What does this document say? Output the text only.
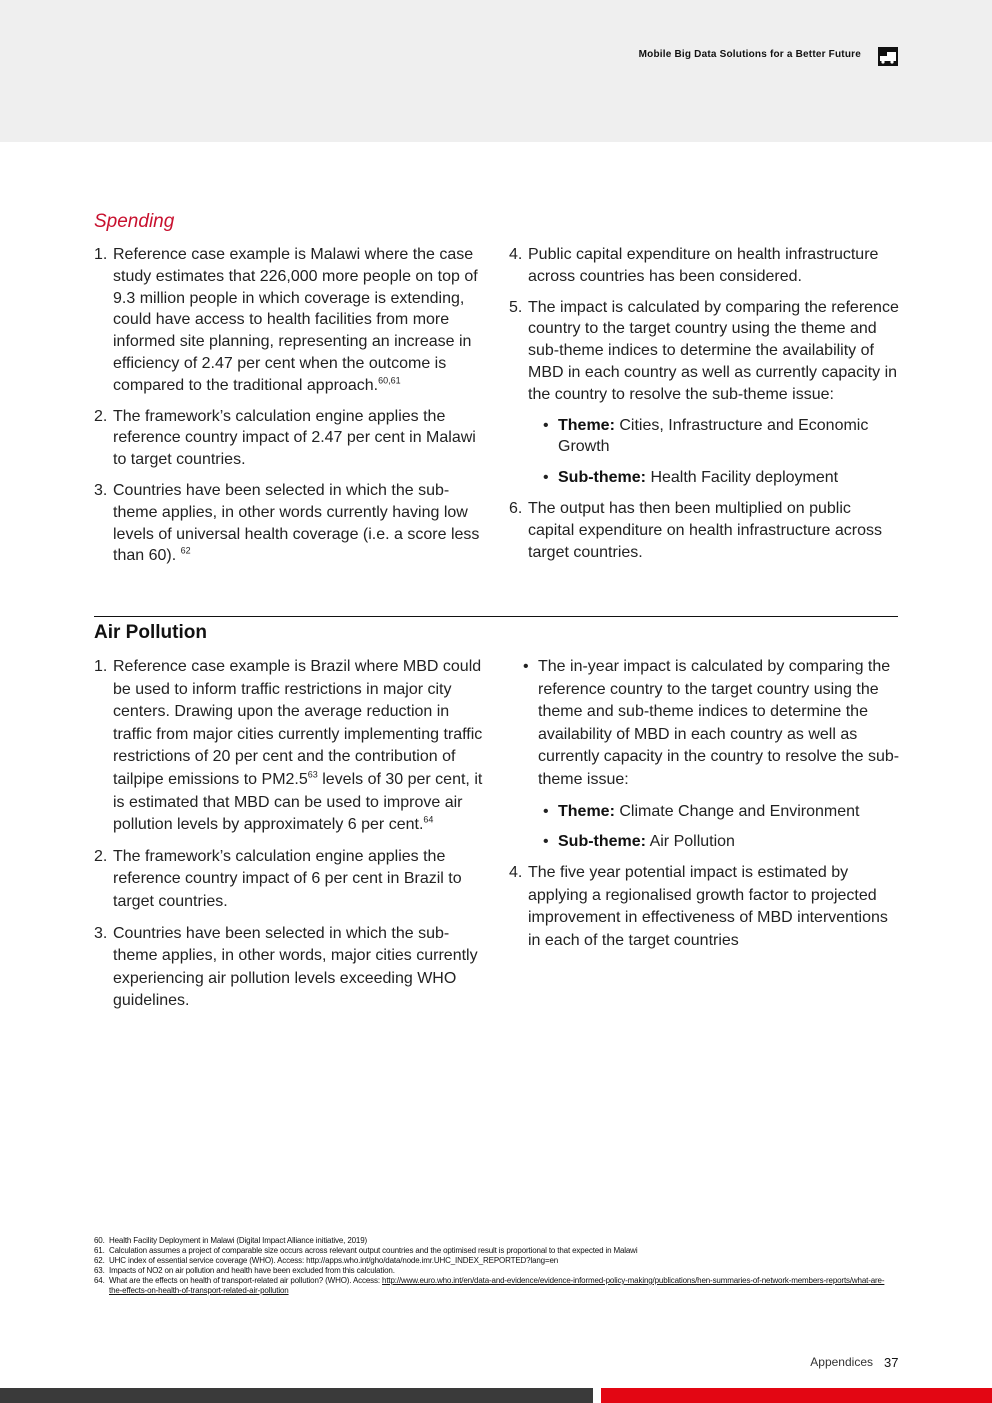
Mobile Big Data Solutions for a Better Future
Spending
1. Reference case example is Malawi where the case study estimates that 226,000 more people on top of 9.3 million people in which coverage is extending, could have access to health facilities from more informed site planning, representing an increase in efficiency of 2.47 per cent when the outcome is compared to the traditional approach.$^{60,61}$
2. The framework’s calculation engine applies the reference country impact of 2.47 per cent in Malawi to target countries.
3. Countries have been selected in which the sub-theme applies, in other words currently having low levels of universal health coverage (i.e. a score less than 60). $^{62}$
4. Public capital expenditure on health infrastructure across countries has been considered.
5. The impact is calculated by comparing the reference country to the target country using the theme and sub-theme indices to determine the availability of MBD in each country as well as currently capacity in the country to resolve the sub-theme issue:
• Theme: Cities, Infrastructure and Economic Growth
• Sub-theme: Health Facility deployment
6. The output has then been multiplied on public capital expenditure on health infrastructure across target countries.
Air Pollution
1. Reference case example is Brazil where MBD could be used to inform traffic restrictions in major city centers. Drawing upon the average reduction in traffic from major cities currently implementing traffic restrictions of 20 per cent and the contribution of tailpipe emissions to $PM2.5^{63}$ levels of 30 per cent, it is estimated that MBD can be used to improve air pollution levels by approximately 6 per cent.$^{64}$
2. The framework’s calculation engine applies the reference country impact of 6 per cent in Brazil to target countries.
3. Countries have been selected in which the sub-theme applies, in other words, major cities currently experiencing air pollution levels exceeding WHO guidelines.
• The in-year impact is calculated by comparing the reference country to the target country using the theme and sub-theme indices to determine the availability of MBD in each country as well as currently capacity in the country to resolve the sub-theme issue:
• Theme: Climate Change and Environment
• Sub-theme: Air Pollution
4. The five year potential impact is estimated by applying a regionalised growth factor to projected improvement in effectiveness of MBD interventions in each of the target countries
60. Health Facility Deployment in Malawi (Digital Impact Alliance initiative, 2019)
61. Calculation assumes a project of comparable size occurs across relevant output countries and the optimised result is proportional to that expected in Malawi
62. UHC index of essential service coverage (WHO). Access: http://apps.who.int/gho/data/node.imr.UHC_INDEX_REPORTED?lang=en
63. Impacts of NO2 on air pollution and health have been excluded from this calculation.
64. What are the effects on health of transport-related air pollution? (WHO). Access: http://www.euro.who.int/en/data-and-evidence/evidence-informed-policy-making/publications/hen-summaries-of-network-members-reports/what-are-the-effects-on-health-of-transport-related-air-pollution
Appendices 37
